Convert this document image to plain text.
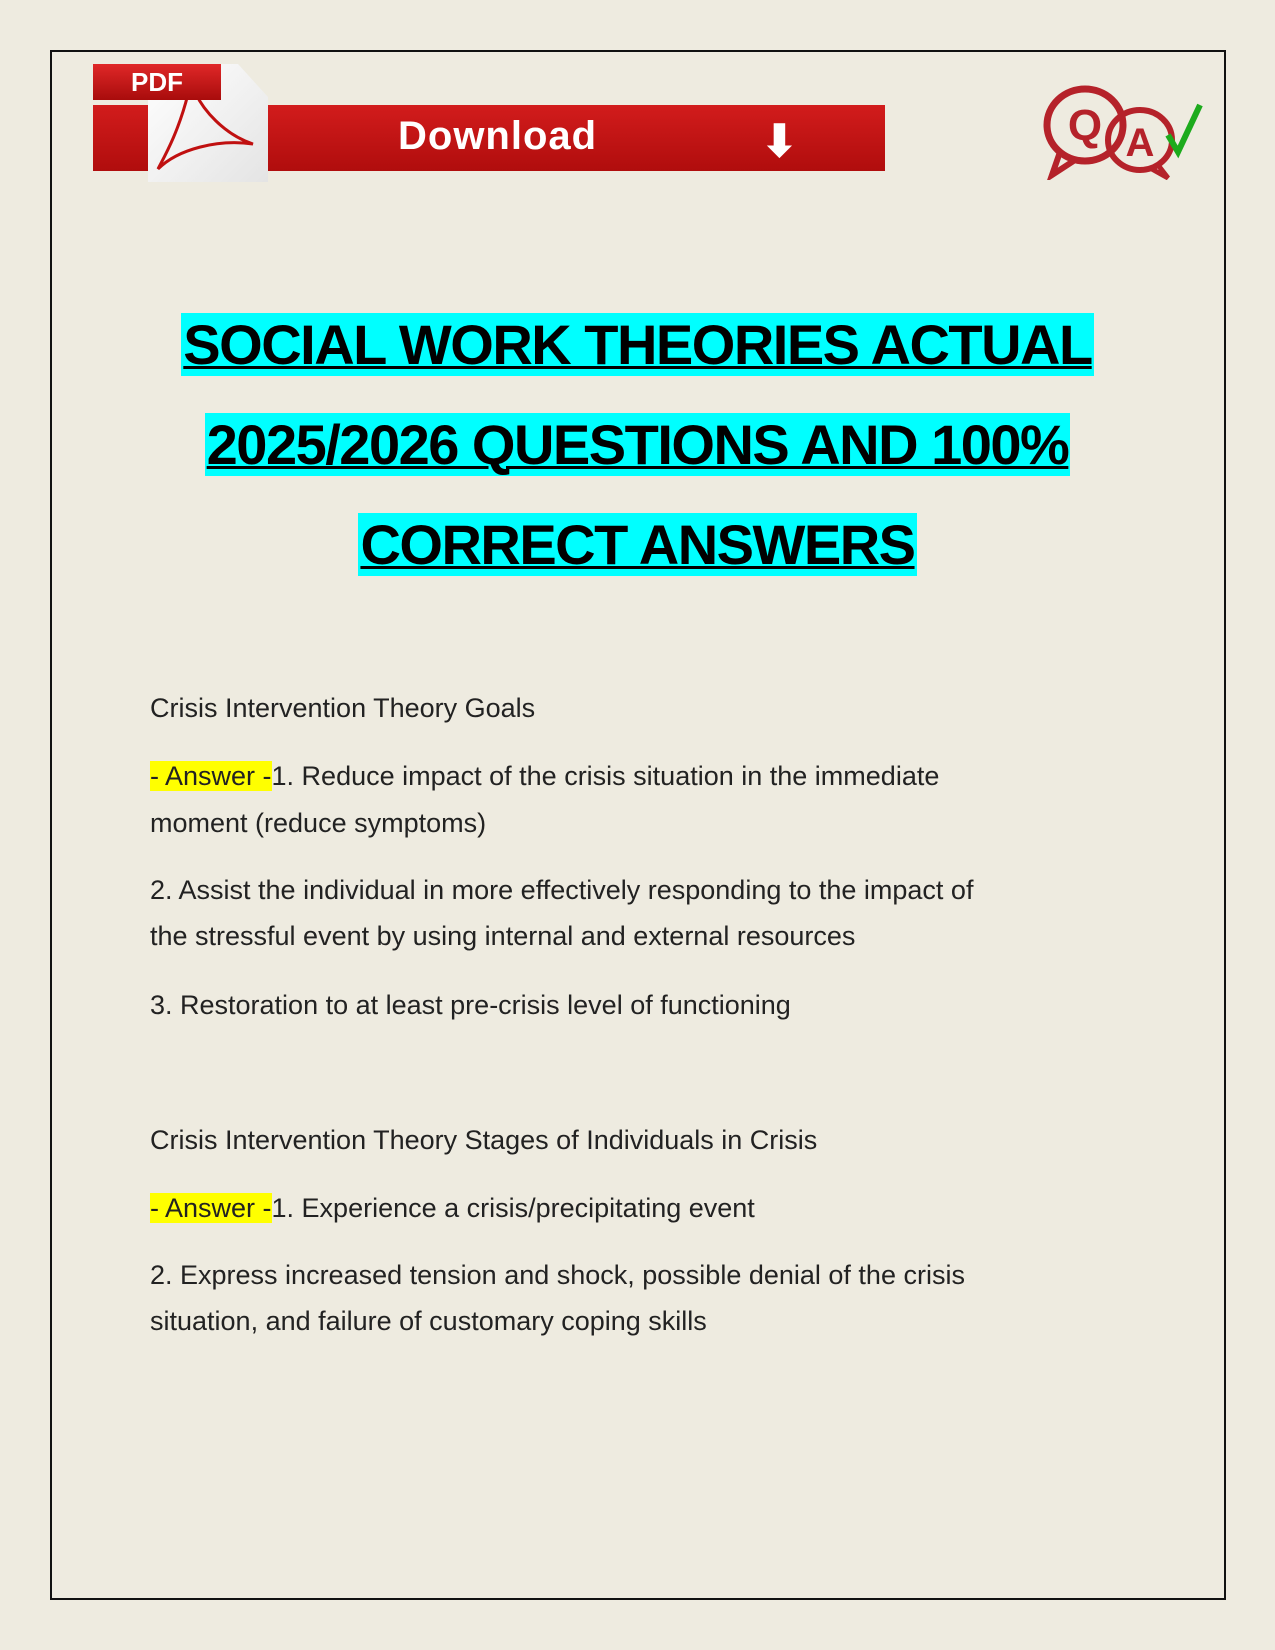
PDF
Download	⬇	Q A
SOCIAL WORK THEORIES ACTUAL
2025/2026 QUESTIONS AND 100%
CORRECT ANSWERS
Crisis Intervention Theory Goals
- Answer -1. Reduce impact of the crisis situation in the immediate
moment (reduce symptoms)
2. Assist the individual in more effectively responding to the impact of
the stressful event by using internal and external resources
3. Restoration to at least pre-crisis level of functioning
Crisis Intervention Theory Stages of Individuals in Crisis
- Answer -1. Experience a crisis/precipitating event
2. Express increased tension and shock, possible denial of the crisis
situation, and failure of customary coping skills
